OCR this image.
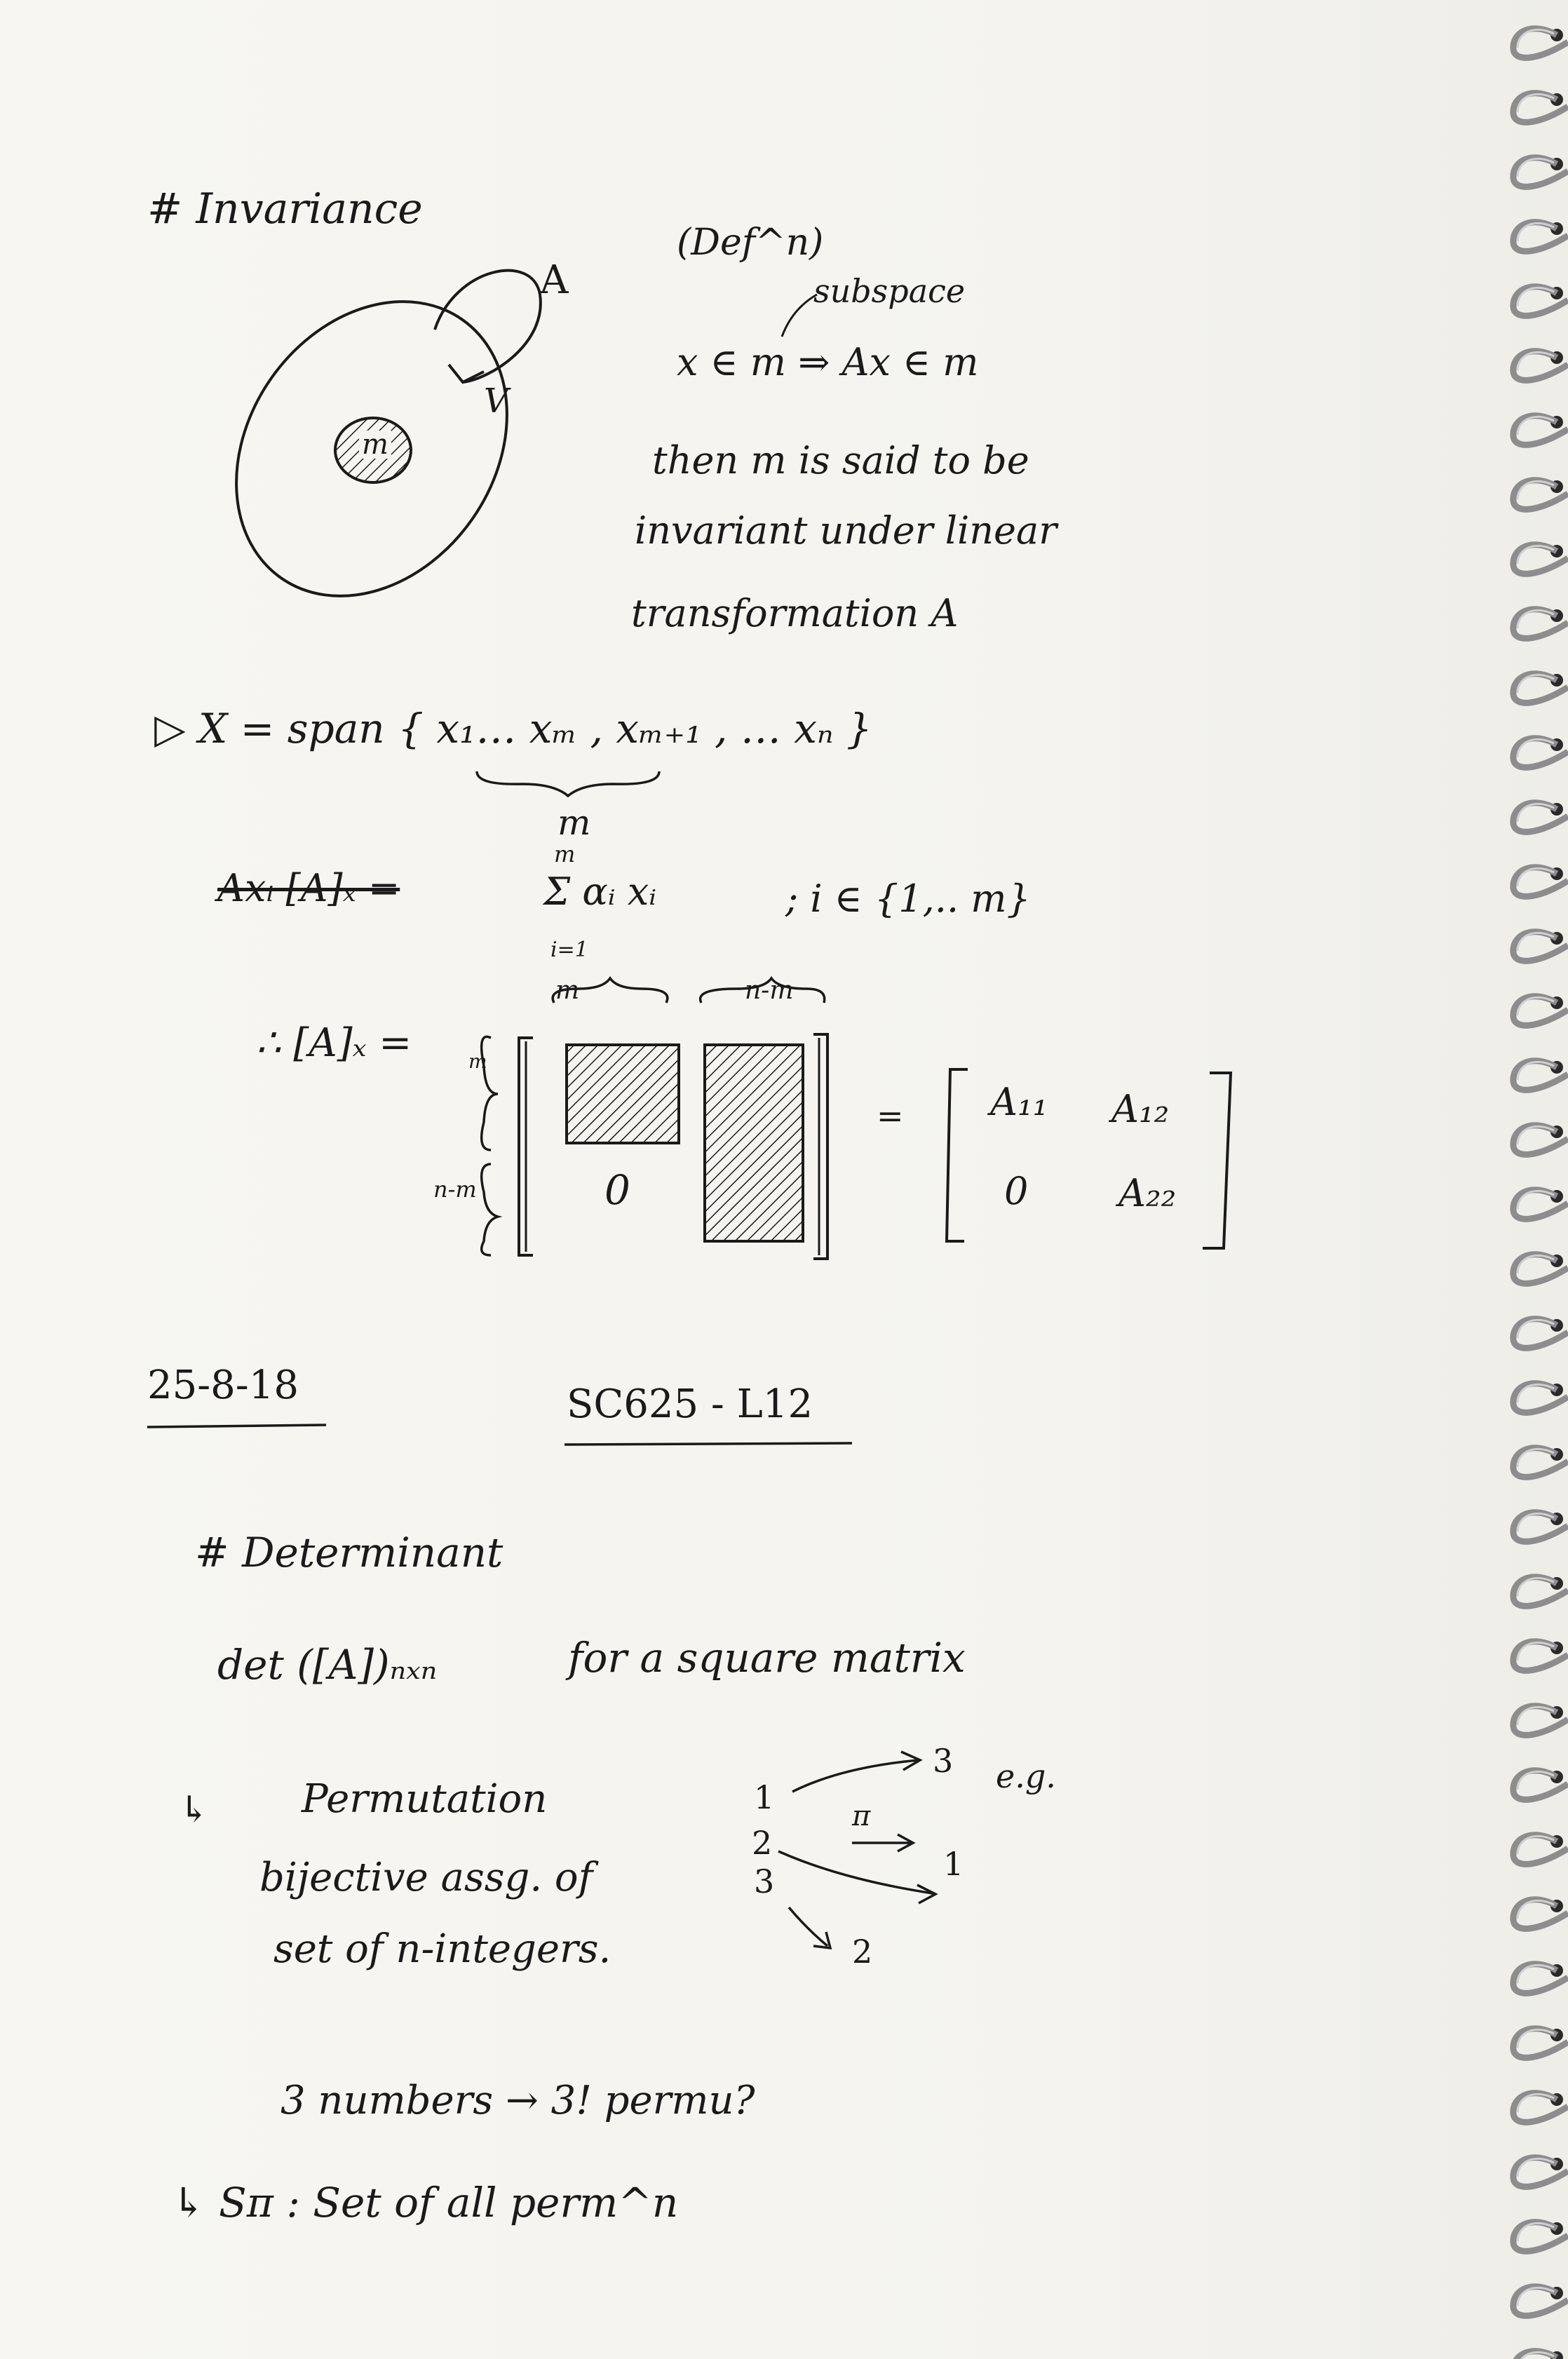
# Invariance
A
V
m
(Def^n)
subspace
x ∈ m ⇒ Ax ∈ m
then m is said to be
invariant under linear
transformation A
▷ X = span { x₁… xₘ , xₘ₊₁ , … xₙ }
m
Axᵢ [A]ₓ =
m
Σ αᵢ xᵢ
i=1
; i ∈ {1,.. m}
∴ [A]ₓ =	m
n-m
m	n-m
0
= A₁₁ A₁₂
0 A₂₂
25-8-18	SC625 - L12
# Determinant
det ([A])ₙₓₙ	for a square matrix
↳ Permutation
bijective assg. of
set of n-integers.
1
2
3
3
1
2
π
e.g.
3 numbers → 3! permu?
↳ Sπ : Set of all perm^n
